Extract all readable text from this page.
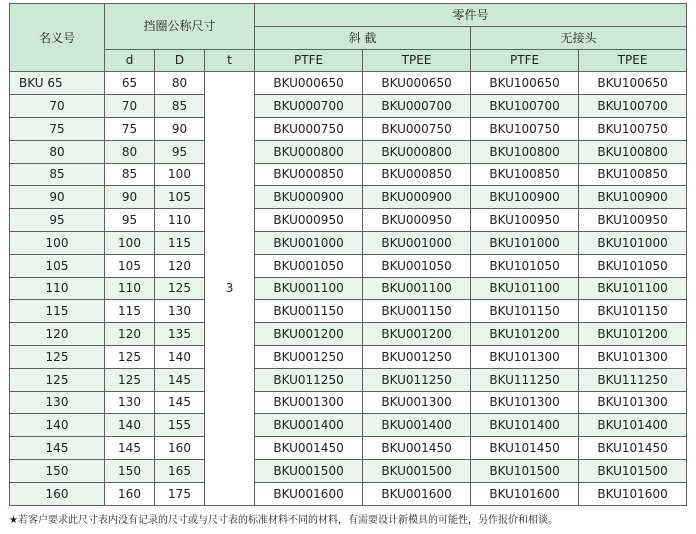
名义号	挡圈公称尺寸			零件号			
				斜 截		无接头	
	d	D	t	PTFE	TPEE	PTFE	TPEE
BKU 65	65	80	3	BKU000650	BKU000650	BKU100650	BKU100650
70	70	85		BKU000700	BKU000700	BKU100700	BKU100700
75	75	90		BKU000750	BKU000750	BKU100750	BKU100750
80	80	95		BKU000800	BKU000800	BKU100800	BKU100800
85	85	100		BKU000850	BKU000850	BKU100850	BKU100850
90	90	105		BKU000900	BKU000900	BKU100900	BKU100900
95	95	110		BKU000950	BKU000950	BKU100950	BKU100950
100	100	115		BKU001000	BKU001000	BKU101000	BKU101000
105	105	120		BKU001050	BKU001050	BKU101050	BKU101050
110	110	125		BKU001100	BKU001100	BKU101100	BKU101100
115	115	130		BKU001150	BKU001150	BKU101150	BKU101150
120	120	135		BKU001200	BKU001200	BKU101200	BKU101200
125	125	140		BKU001250	BKU001250	BKU101300	BKU101300
125	125	145		BKU011250	BKU011250	BKU111250	BKU111250
130	130	145		BKU001300	BKU001300	BKU101300	BKU101300
140	140	155		BKU001400	BKU001400	BKU101400	BKU101400
145	145	160		BKU001450	BKU001450	BKU101450	BKU101450
150	150	165		BKU001500	BKU001500	BKU101500	BKU101500
160	160	175		BKU001600	BKU001600	BKU101600	BKU101600
★若客户要求此尺寸表内没有记录的尺寸或与尺寸表的标准材料不同的材料，有需要设计新模具的可能性，另作报价和相谈。
